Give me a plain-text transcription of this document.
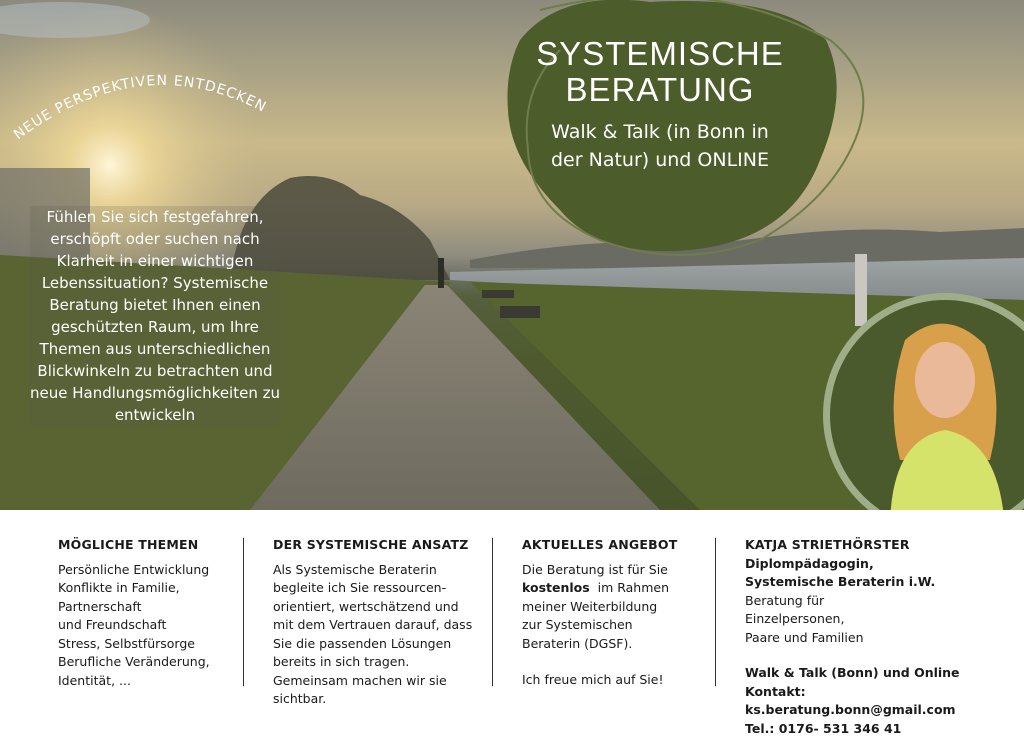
NEUE PERSPEKTIVEN ENTDECKEN
SYSTEMISCHE
BERATUNG
Walk & Talk (in Bonn in der Natur) und ONLINE
Fühlen Sie sich festgefahren, erschöpft oder suchen nach Klarheit in einer wichtigen Lebenssituation? Systemische Beratung bietet Ihnen einen geschützten Raum, um Ihre Themen aus unterschiedlichen Blickwinkeln zu betrachten und neue Handlungsmöglichkeiten zu entwickeln
MÖGLICHE THEMEN

Persönliche Entwicklung
Konflikte in Familie,
Partnerschaft
und Freundschaft
Stress, Selbstfürsorge
Berufliche Veränderung,
Identität, ...

DER SYSTEMISCHE ANSATZ

Als Systemische Beraterin
begleite ich Sie ressourcen-
orientiert, wertschätzend und
mit dem Vertrauen darauf, dass
Sie die passenden Lösungen
bereits in sich tragen.
Gemeinsam machen wir sie
sichtbar.

AKTUELLES ANGEBOT

Die Beratung ist für Sie

kostenlos  im Rahmen

meiner Weiterbildung
zur Systemischen
Beraterin (DGSF).

Ich freue mich auf Sie!

KATJA STRIETHÖRSTER

Diplompädagogin,

Systemische Beraterin i.W.

Beratung für
Einzelpersonen,
Paare und Familien

Walk & Talk (Bonn) und Online

Kontakt: ks.beratung.bonn@gmail.com

Tel.: 0176- 531 346 41
